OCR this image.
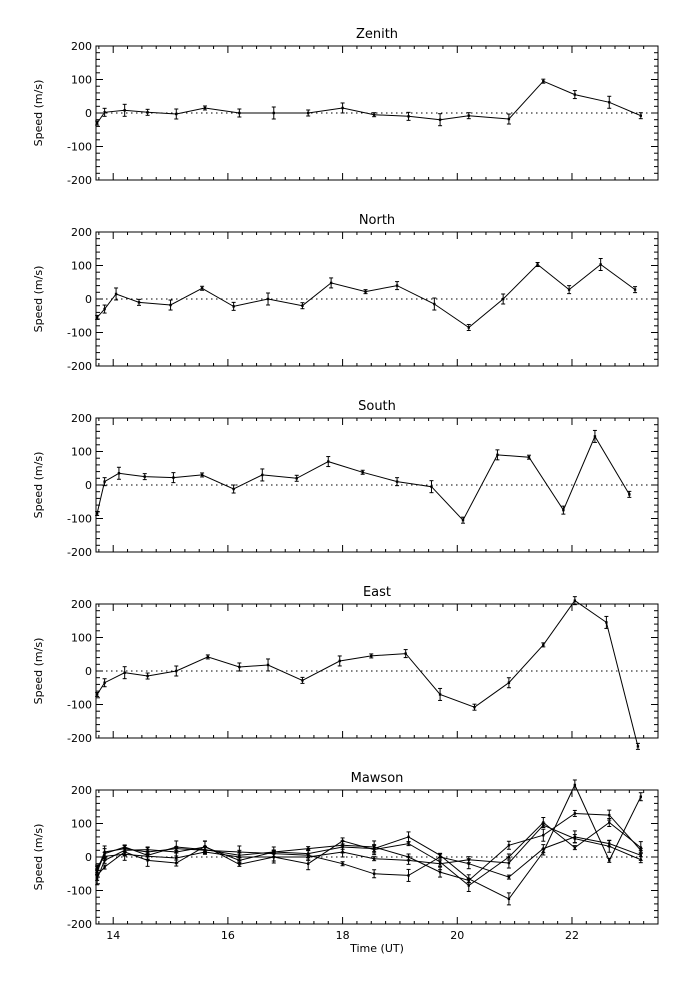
Zenith
Speed (m/s)
200
100
0
-100
-200
North
Speed (m/s)
200
100
0
-100
-200
South
Speed (m/s)
200
100
0
-100
-200
East
Speed (m/s)
200
100
0
-100
-200
Mawson
Speed (m/s)
200
100
0
-100
-200
14	16	18	20	22
Time (UT)
